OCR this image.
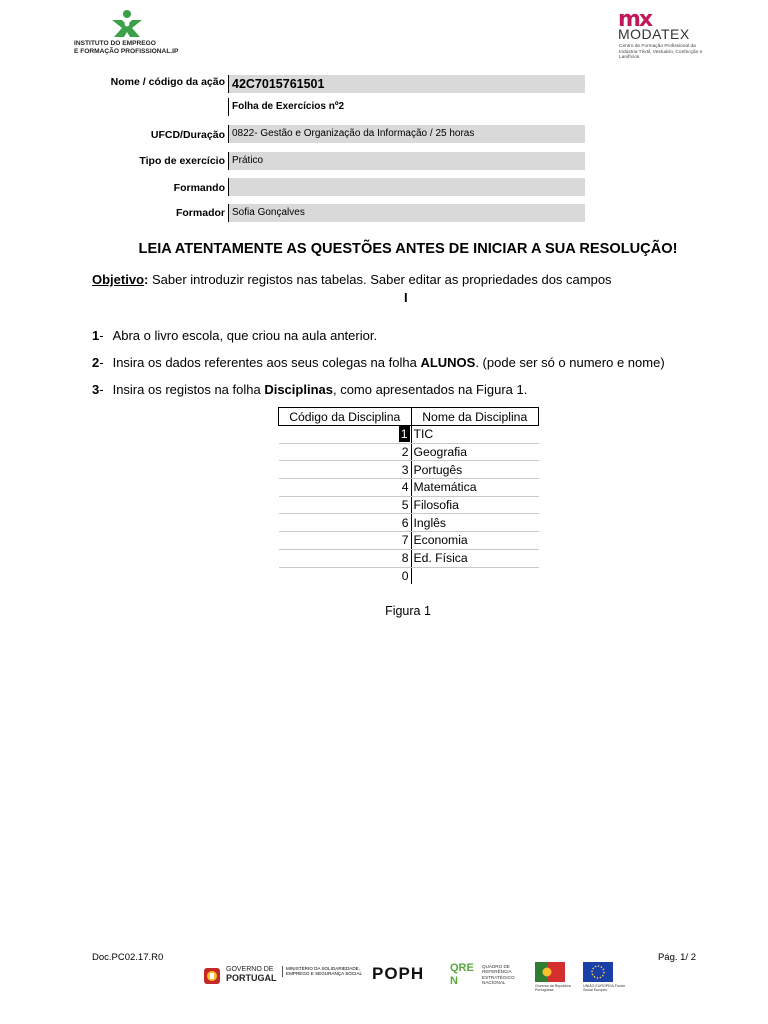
INSTITUTO DO EMPREGO
E FORMAÇÃO PROFISSIONAL.IP
mx
MODATEX
Centro de Formação Profissional da Indústria Têxtil, Vestuário, Confecção e Lanifícios
Nome / código da ação 42C7015761501
Folha de Exercícios nº2
UFCD/Duração 0822- Gestão e Organização da Informação / 25 horas
Tipo de exercício Prático
Formando
Formador Sofia Gonçalves
LEIA ATENTAMENTE AS QUESTÕES ANTES DE INICIAR A SUA RESOLUÇÃO!
Objetivo: Saber introduzir registos nas tabelas. Saber editar as propriedades dos campos
I
1- Abra o livro escola, que criou na aula anterior.
2- Insira os dados referentes aos seus colegas na folha ALUNOS. (pode ser só o numero e nome)
3- Insira os registos na folha Disciplinas, como apresentados na Figura 1.
Código da Disciplina	Nome da Disciplina
1	TIC
2	Geografia
3	Portugês
4	Matemática
5	Filosofia
6	Inglês
7	Economia
8	Ed. Física
0	
Figura 1
Doc.PC02.17.R0	Pág. 1/ 2
GOVERNO DE
PORTUGAL
MINISTÉRIO DA SOLIDARIEDADE, EMPREGO E SEGURANÇA SOCIAL POPH QREN
QUADRO DE REFERÊNCIA ESTRATÉGICO NACIONAL
Governo da República Portuguesa
UNIÃO EUROPEIA Fundo Social Europeu
